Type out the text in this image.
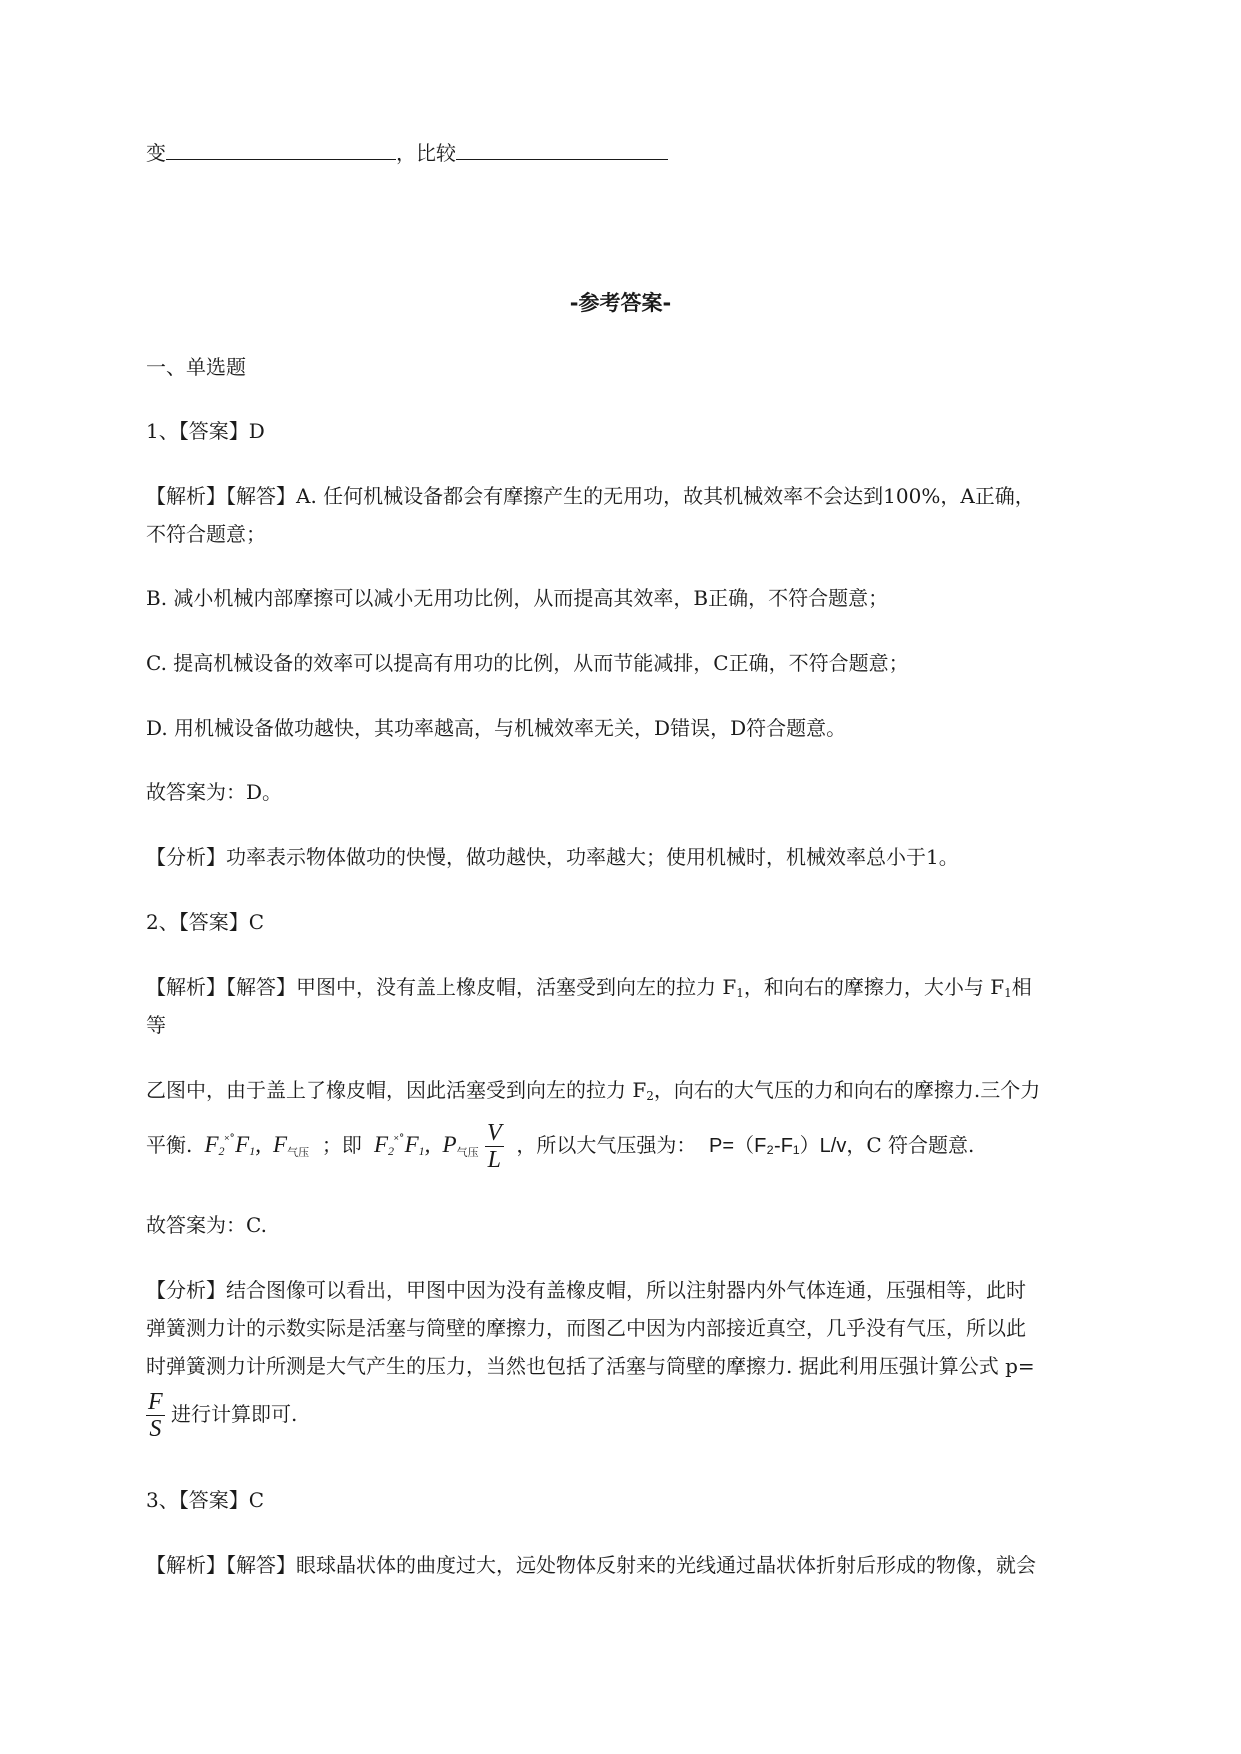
变	，比较
-参考答案-
一、单选题
1、【答案】D
【解析】【解答】A. 任何机械设备都会有摩擦产生的无用功，故其机械效率不会达到100%，A正确，
不符合题意；
B. 减小机械内部摩擦可以减小无用功比例，从而提高其效率，B正确，不符合题意；
C. 提高机械设备的效率可以提高有用功的比例，从而节能减排，C正确，不符合题意；
D. 用机械设备做功越快，其功率越高，与机械效率无关，D错误，D符合题意。
故答案为：D。
【分析】功率表示物体做功的快慢，做功越快，功率越大；使用机械时，机械效率总小于1。
2、【答案】C
【解析】【解答】甲图中，没有盖上橡皮帽，活塞受到向左的拉力 $F_1$，和向右的摩擦力，大小与 $F_1$相
等
乙图中，由于盖上了橡皮帽，因此活塞受到向左的拉力 $F_2$，向右的大气压的力和向右的摩擦力.三个力
平衡. $F_2^{˟˚}F_1$, F气压 ；即 $F_2^{˟˚}F_1$, P气压 $\frac{V}{L}$ ，所以大气压强为： P=（F₂-F₁）L/v，C 符合题意.
故答案为：C.
【分析】结合图像可以看出，甲图中因为没有盖橡皮帽，所以注射器内外气体连通，压强相等，此时
弹簧测力计的示数实际是活塞与筒壁的摩擦力，而图乙中因为内部接近真空，几乎没有气压，所以此
时弹簧测力计所测是大气产生的压力，当然也包括了活塞与筒壁的摩擦力. 据此利用压强计算公式 p=
$\frac{F}{S}$ 进行计算即可.
3、【答案】C
【解析】【解答】眼球晶状体的曲度过大，远处物体反射来的光线通过晶状体折射后形成的物像，就会
